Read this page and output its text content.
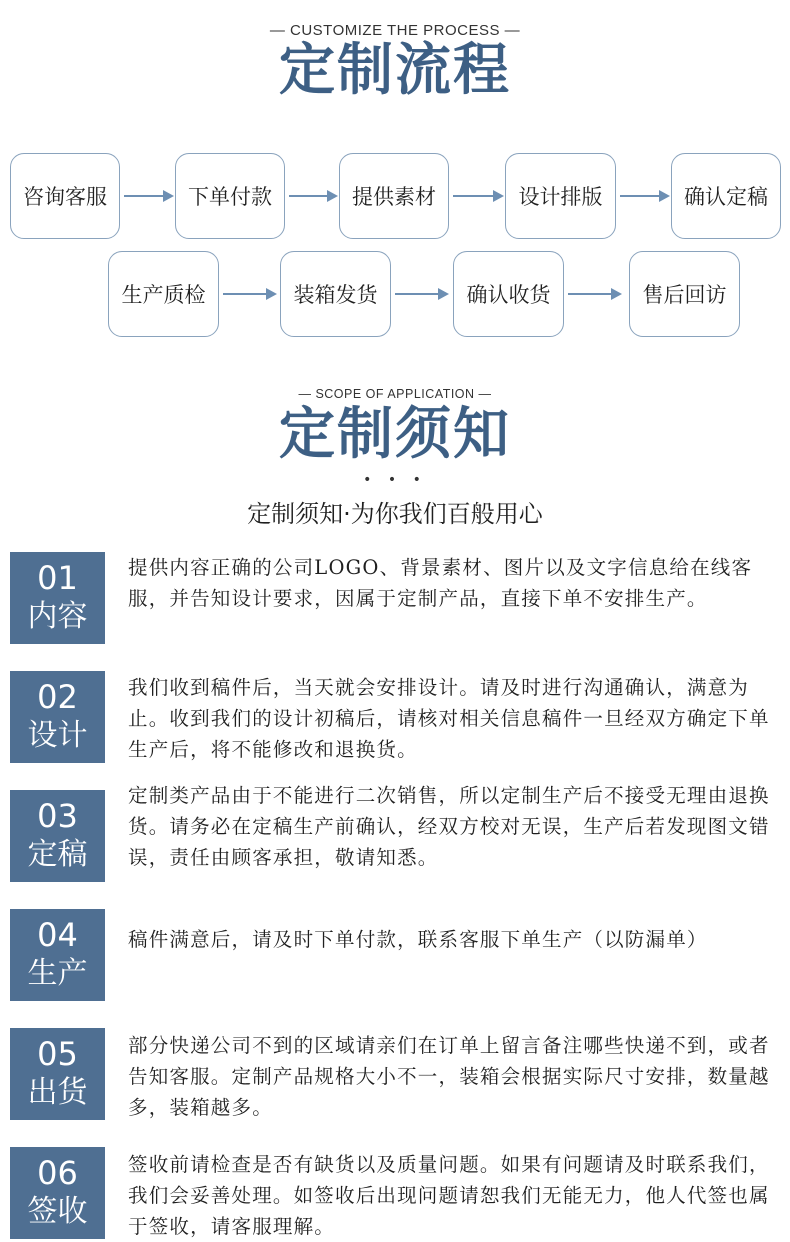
— CUSTOMIZE THE PROCESS —
定制流程
咨询客服	下单付款	提供素材	设计排版	确认定稿
生产质检	装箱发货	确认收货	售后回访
— SCOPE OF APPLICATION —
定制须知
• • •
定制须知·为你我们百般用心
01
内容

提供内容正确的公司LOGO、背景素材、图片以及文字信息给在线客服，并告知设计要求，因属于定制产品，直接下单不安排生产。

02
设计

我们收到稿件后，当天就会安排设计。请及时进行沟通确认，满意为止。收到我们的设计初稿后，请核对相关信息稿件一旦经双方确定下单生产后，将不能修改和退换货。

03
定稿

定制类产品由于不能进行二次销售，所以定制生产后不接受无理由退换货。请务必在定稿生产前确认，经双方校对无误，生产后若发现图文错误，责任由顾客承担，敬请知悉。

04
生产

稿件满意后，请及时下单付款，联系客服下单生产（以防漏单）

05
出货

部分快递公司不到的区域请亲们在订单上留言备注哪些快递不到，或者告知客服。定制产品规格大小不一，装箱会根据实际尺寸安排，数量越多，装箱越多。

06
签收

签收前请检查是否有缺货以及质量问题。如果有问题请及时联系我们，我们会妥善处理。如签收后出现问题请恕我们无能无力，他人代签也属于签收，请客服理解。
